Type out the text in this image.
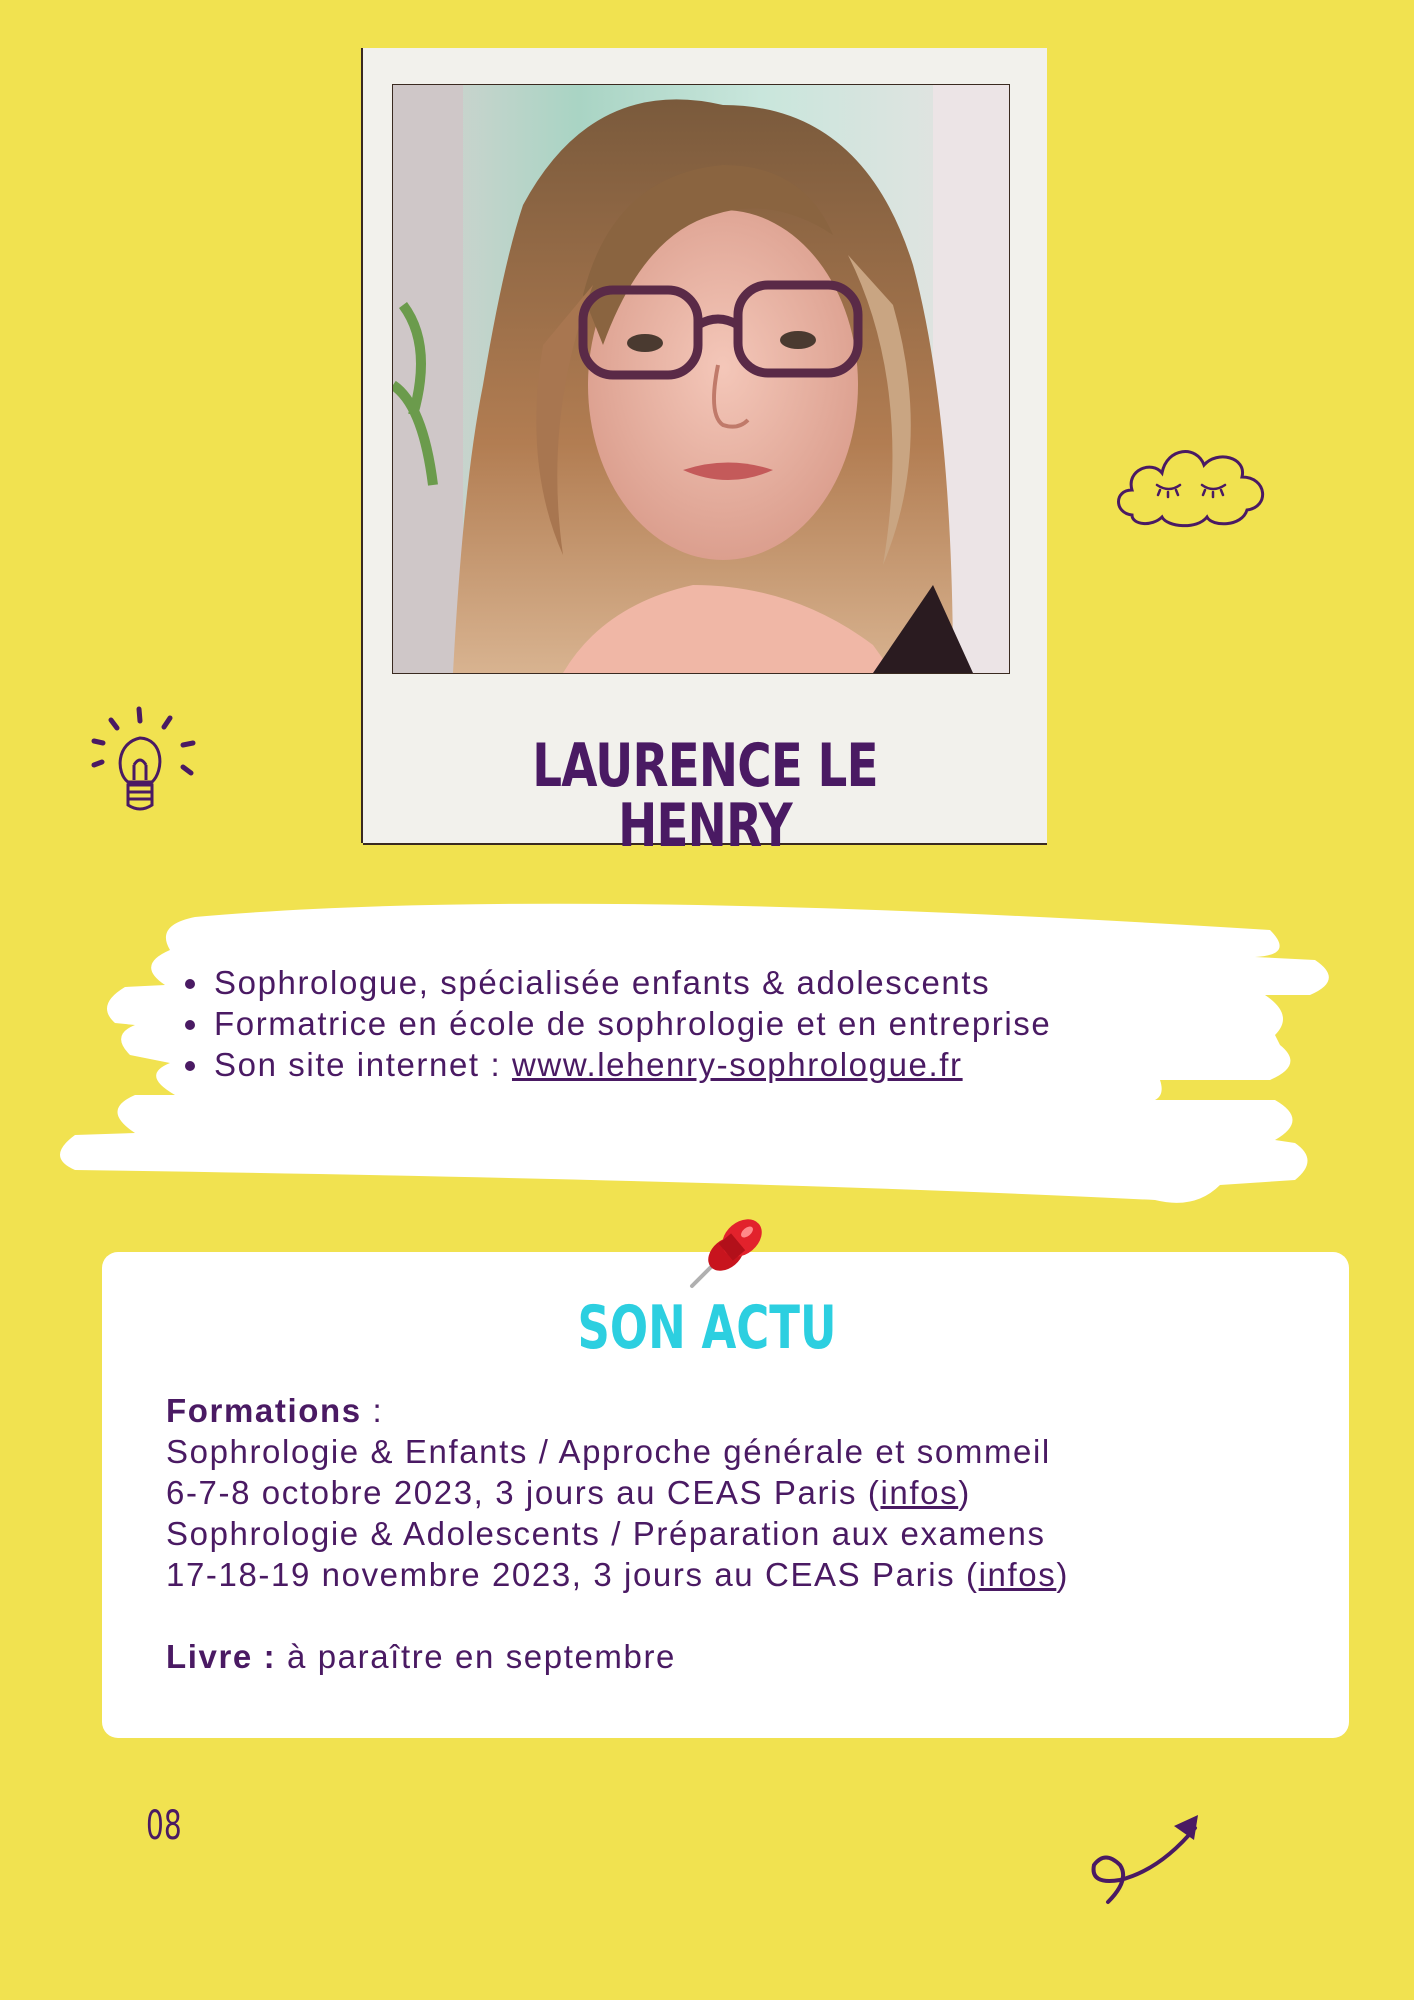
LAURENCE LE HENRY
• Sophrologue, spécialisée enfants & adolescents
• Formatrice en école de sophrologie et en entreprise
• Son site internet : www.lehenry-sophrologue.fr
SON ACTU
Formations :
Sophrologie & Enfants / Approche générale et sommeil
6-7-8 octobre 2023, 3 jours au CEAS Paris (infos)
Sophrologie & Adolescents / Préparation aux examens
17-18-19 novembre 2023, 3 jours au CEAS Paris (infos)
Livre : à paraître en septembre
08
